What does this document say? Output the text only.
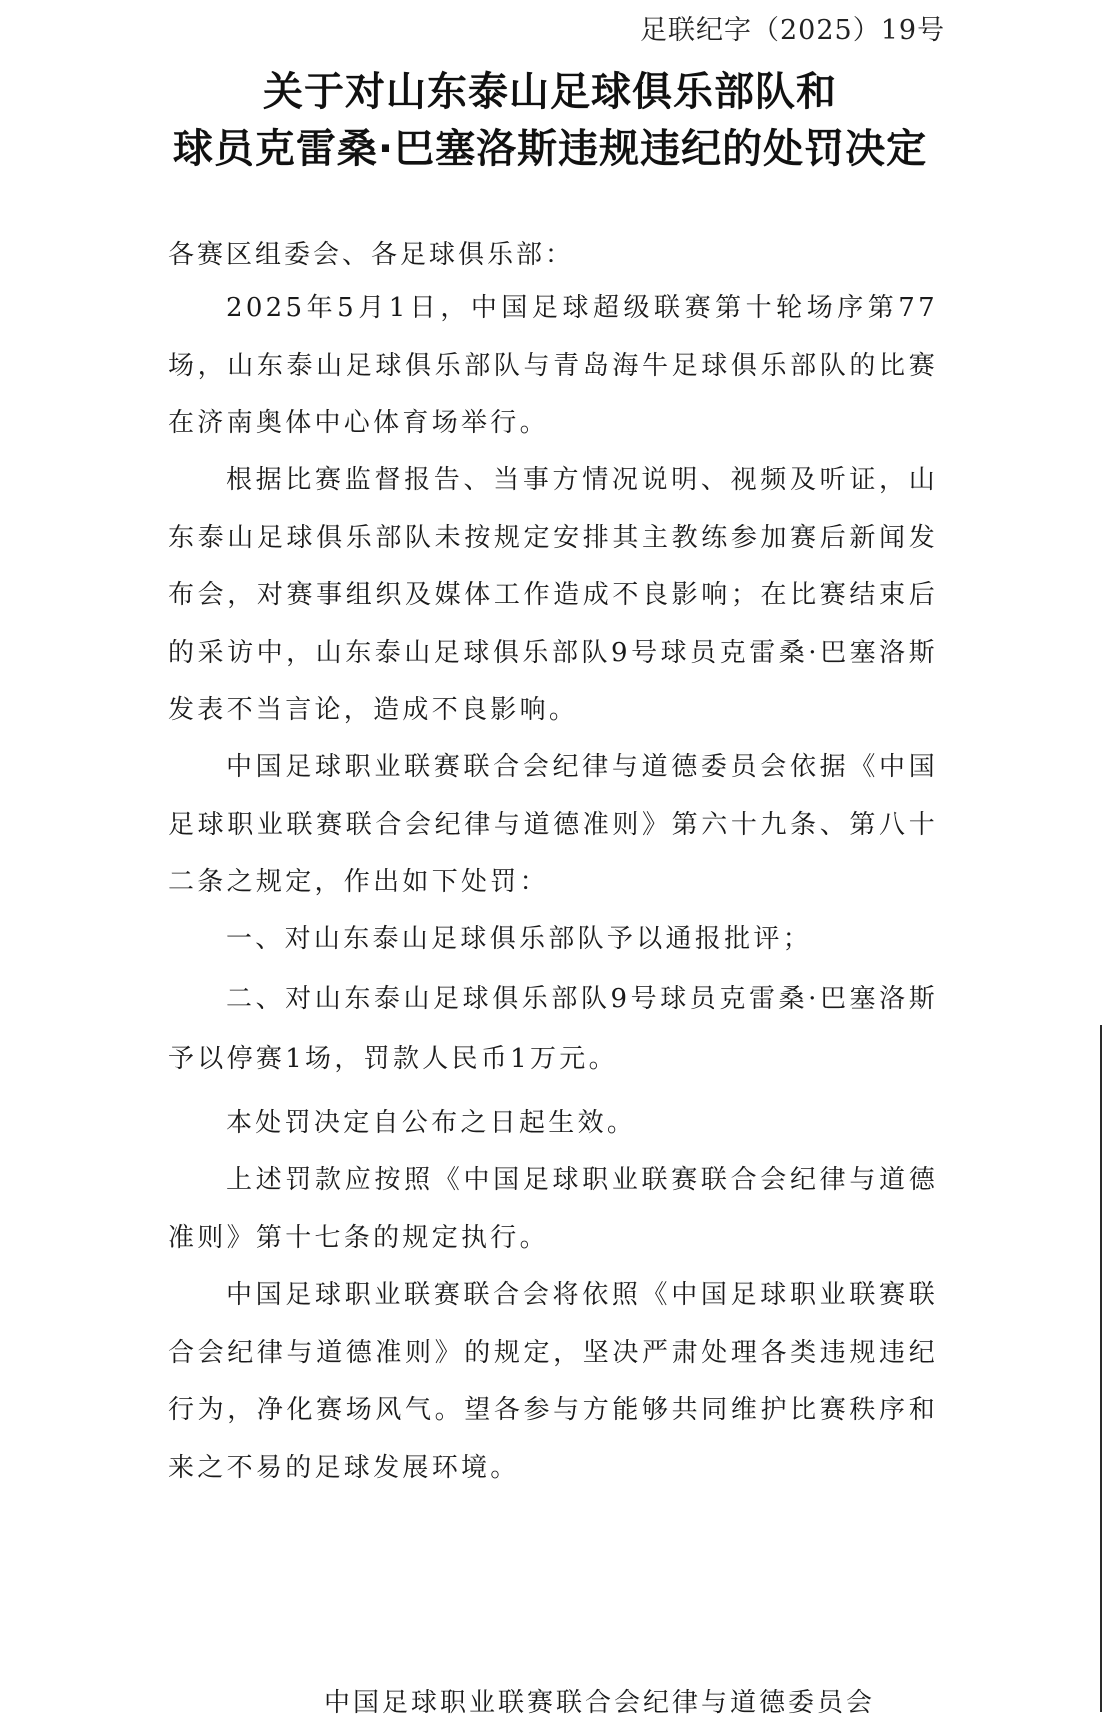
足联纪字（2025）19号
关于对山东泰山足球俱乐部队和
球员克雷桑·巴塞洛斯违规违纪的处罚决定
各赛区组委会、各足球俱乐部：
2025年5月1日，中国足球超级联赛第十轮场序第77场，山东泰山足球俱乐部队与青岛海牛足球俱乐部队的比赛在济南奥体中心体育场举行。
根据比赛监督报告、当事方情况说明、视频及听证，山东泰山足球俱乐部队未按规定安排其主教练参加赛后新闻发布会，对赛事组织及媒体工作造成不良影响；在比赛结束后的采访中，山东泰山足球俱乐部队9号球员克雷桑·巴塞洛斯发表不当言论，造成不良影响。
中国足球职业联赛联合会纪律与道德委员会依据《中国足球职业联赛联合会纪律与道德准则》第六十九条、第八十二条之规定，作出如下处罚：
一、对山东泰山足球俱乐部队予以通报批评；
二、对山东泰山足球俱乐部队9号球员克雷桑·巴塞洛斯予以停赛1场，罚款人民币1万元。
本处罚决定自公布之日起生效。
上述罚款应按照《中国足球职业联赛联合会纪律与道德准则》第十七条的规定执行。
中国足球职业联赛联合会将依照《中国足球职业联赛联合会纪律与道德准则》的规定，坚决严肃处理各类违规违纪行为，净化赛场风气。望各参与方能够共同维护比赛秩序和来之不易的足球发展环境。
中国足球职业联赛联合会纪律与道德委员会
